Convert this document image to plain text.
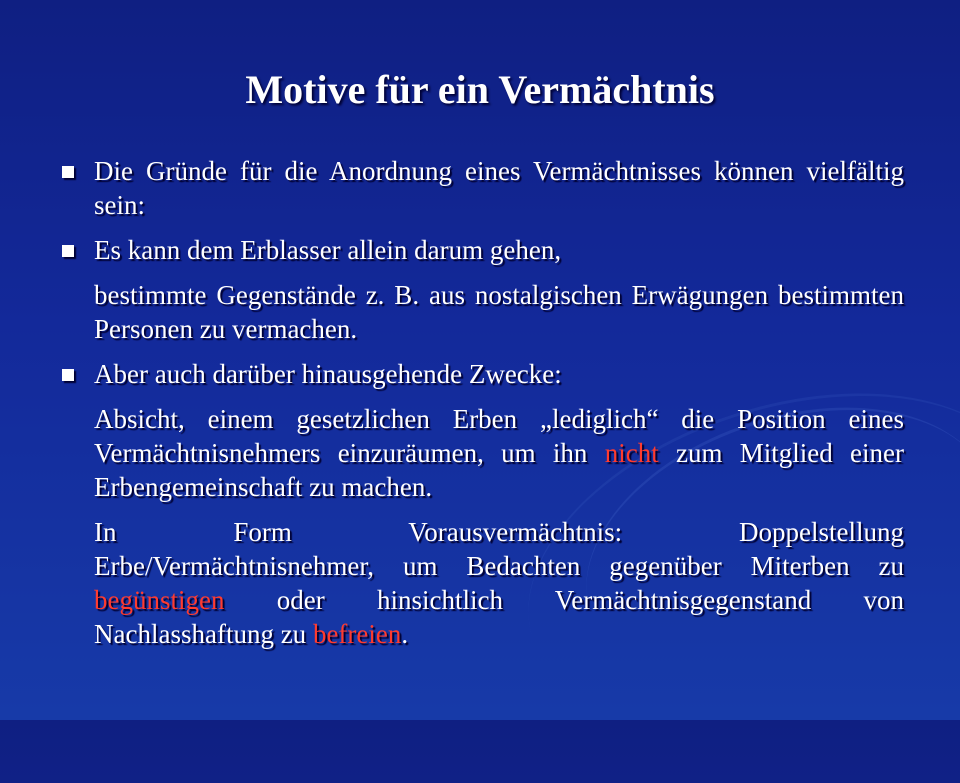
Motive für ein Vermächtnis
Die Gründe für die Anordnung eines Vermächtnisses können vielfältig sein:
Es kann dem Erblasser allein darum gehen,
bestimmte Gegenstände z. B. aus nostalgischen Erwägungen bestimmten Personen zu vermachen.
Aber auch darüber hinausgehende Zwecke:
Absicht, einem gesetzlichen Erben „lediglich“ die Position eines Vermächtnisnehmers einzuräumen, um ihn nicht zum Mitglied einer Erbengemeinschaft zu machen.
In Form Vorausvermächtnis: Doppelstellung
Erbe/Vermächtnisnehmer, um Bedachten gegenüber Miterben zu begünstigen oder hinsichtlich Vermächtnisgegenstand von Nachlasshaftung zu befreien.
